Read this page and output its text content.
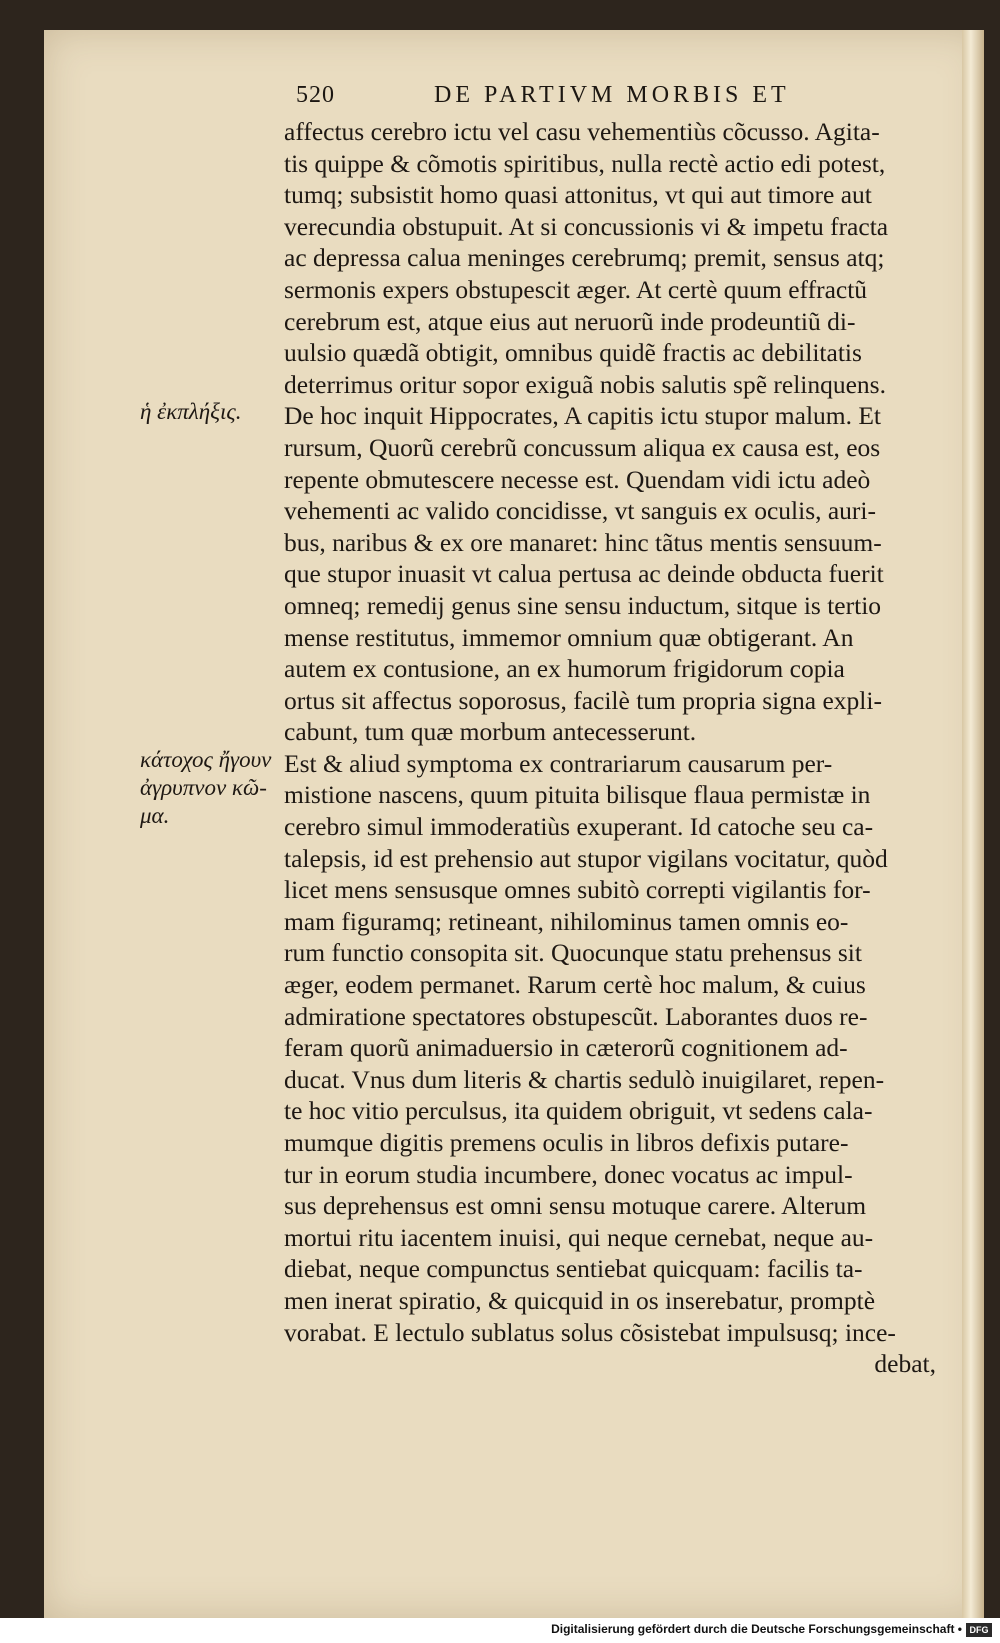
520	DE PARTIVM MORBIS ET
ἡ ἐκπλήξις.
κάτοχος ἤγουν
ἀγρυπνον κῶ-
μα.
affectus cerebro ictu vel casu vehementiùs cõcusso. Agita-
tis quippe & cõmotis spiritibus, nulla rectè actio edi potest,
tumq; subsistit homo quasi attonitus, vt qui aut timore aut
verecundia obstupuit. At si concussionis vi & impetu fracta
ac depressa calua meninges cerebrumq; premit, sensus atq;
sermonis expers obstupescit æger. At certè quum effractũ
cerebrum est, atque eius aut neruorũ inde prodeuntiũ di-
uulsio quædã obtigit, omnibus quidẽ fractis ac debilitatis
deterrimus oritur sopor exiguã nobis salutis spẽ relinquens.
De hoc inquit Hippocrates, A capitis ictu stupor malum. Et
rursum, Quorũ cerebrũ concussum aliqua ex causa est, eos
repente obmutescere necesse est. Quendam vidi ictu adeò
vehementi ac valido concidisse, vt sanguis ex oculis, auri-
bus, naribus & ex ore manaret: hinc tãtus mentis sensuum-
que stupor inuasit vt calua pertusa ac deinde obducta fuerit
omneq; remedij genus sine sensu inductum, sitque is tertio
mense restitutus, immemor omnium quæ obtigerant. An
autem ex contusione, an ex humorum frigidorum copia
ortus sit affectus soporosus, facilè tum propria signa expli-
cabunt, tum quæ morbum antecesserunt.
Est & aliud symptoma ex contrariarum causarum per-
mistione nascens, quum pituita bilisque flaua permistæ in
cerebro simul immoderatiùs exuperant. Id catoche seu ca-
talepsis, id est prehensio aut stupor vigilans vocitatur, quòd
licet mens sensusque omnes subitò correpti vigilantis for-
mam figuramq; retineant, nihilominus tamen omnis eo-
rum functio consopita sit. Quocunque statu prehensus sit
æger, eodem permanet. Rarum certè hoc malum, & cuius
admiratione spectatores obstupescũt. Laborantes duos re-
feram quorũ animaduersio in cæterorũ cognitionem ad-
ducat. Vnus dum literis & chartis sedulò inuigilaret, repen-
te hoc vitio perculsus, ita quidem obriguit, vt sedens cala-
mumque digitis premens oculis in libros defixis putare-
tur in eorum studia incumbere, donec vocatus ac impul-
sus deprehensus est omni sensu motuque carere. Alterum
mortui ritu iacentem inuisi, qui neque cernebat, neque au-
diebat, neque compunctus sentiebat quicquam: facilis ta-
men inerat spiratio, & quicquid in os inserebatur, promptè
vorabat. E lectulo sublatus solus cõsistebat impulsusq; ince-
debat,
Digitalisierung gefördert durch die Deutsche Forschungsgemeinschaft • DFG
